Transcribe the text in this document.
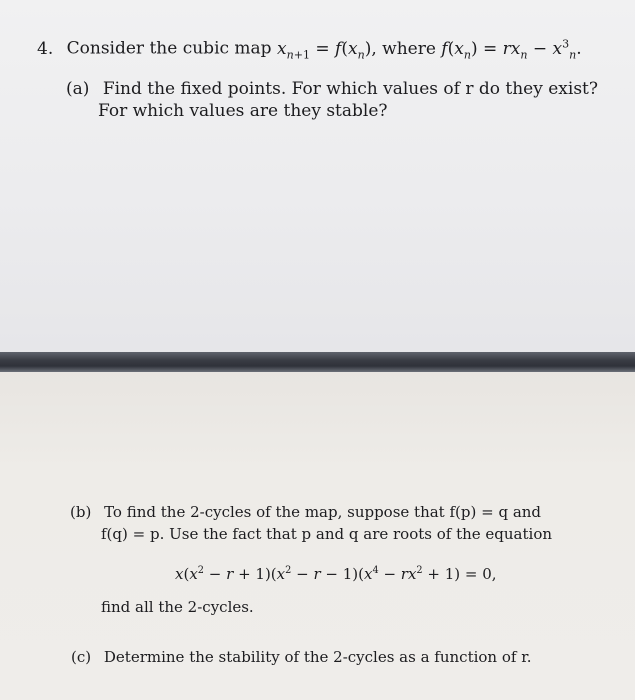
4. Consider the cubic map $x_{n+1} = f(x_n)$, where $f(x_n) = rx_n - x^3_n$.
(a) Find the fixed points. For which values of r do they exist?
For which values are they stable?
(b) To find the 2-cycles of the map, suppose that f(p) = q and
f(q) = p. Use the fact that p and q are roots of the equation
$x(x^2 - r + 1)(x^2 - r - 1)(x^4 - rx^2 + 1) = 0$,
find all the 2-cycles.
(c) Determine the stability of the 2-cycles as a function of r.
